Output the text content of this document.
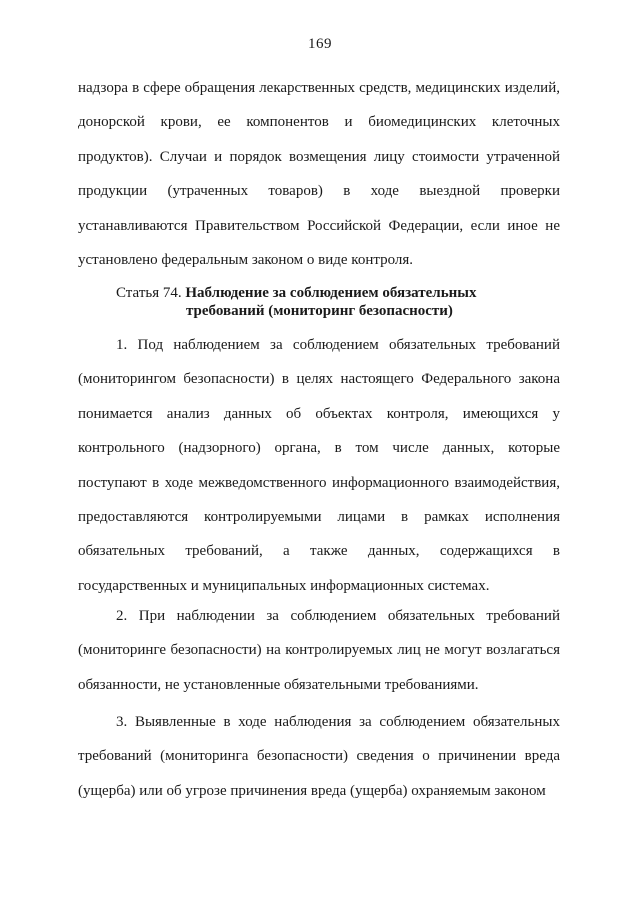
169

надзора в сфере обращения лекарственных средств, медицинских изделий, донорской крови, ее компонентов и биомедицинских клеточных продуктов). Случаи и порядок возмещения лицу стоимости утраченной продукции (утраченных товаров) в ходе выездной проверки устанавливаются Правительством Российской Федерации, если иное не установлено федеральным законом о виде контроля.

Статья 74. Наблюдение за соблюдением обязательных
требований (мониторинг безопасности)

1. Под наблюдением за соблюдением обязательных требований (мониторингом безопасности) в целях настоящего Федерального закона понимается анализ данных об объектах контроля, имеющихся у контрольного (надзорного) органа, в том числе данных, которые поступают в ходе межведомственного информационного взаимодействия, предоставляются контролируемыми лицами в рамках исполнения обязательных требований, а также данных, содержащихся в государственных и муниципальных информационных системах.

2. При наблюдении за соблюдением обязательных требований (мониторинге безопасности) на контролируемых лиц не могут возлагаться обязанности, не установленные обязательными требованиями.

3. Выявленные в ходе наблюдения за соблюдением обязательных требований (мониторинга безопасности) сведения о причинении вреда (ущерба) или об угрозе причинения вреда (ущерба) охраняемым законом
